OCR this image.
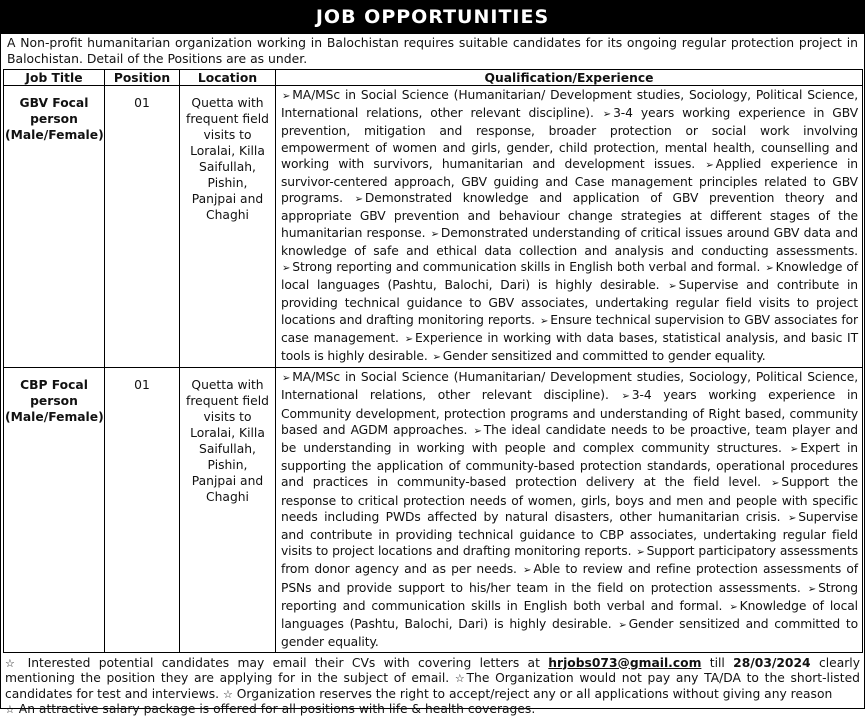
JOB OPPORTUNITIES
A Non-profit humanitarian organization working in Balochistan requires suitable candidates for its ongoing regular protection project in Balochistan. Detail of the Positions are as under.
Job Title	Position	Location	Qualification/Experience
GBV Focal person (Male/Female)	01	Quetta with frequent field visits to Loralai, Killa Saifullah, Pishin, Panjpai and Chaghi	➢ MA/MSc in Social Science (Humanitarian/ Development studies, Sociology, Political Science, International relations, other relevant discipline). ➢ 3-4 years working experience in GBV prevention, mitigation and response, broader protection or social work involving empowerment of women and girls, gender, child protection, mental health, counselling and working with survivors, humanitarian and development issues. ➢ Applied experience in survivor-centered approach, GBV guiding and Case management principles related to GBV programs. ➢ Demonstrated knowledge and application of GBV prevention theory and appropriate GBV prevention and behaviour change strategies at different stages of the humanitarian response. ➢ Demonstrated understanding of critical issues around GBV data and knowledge of safe and ethical data collection and analysis and conducting assessments. ➢ Strong reporting and communication skills in English both verbal and formal. ➢ Knowledge of local languages (Pashtu, Balochi, Dari) is highly desirable. ➢ Supervise and contribute in providing technical guidance to GBV associates, undertaking regular field visits to project locations and drafting monitoring reports. ➢ Ensure technical supervision to GBV associates for case management. ➢ Experience in working with data bases, statistical analysis, and basic IT tools is highly desirable. ➢ Gender sensitized and committed to gender equality.
CBP Focal person (Male/Female)	01	Quetta with frequent field visits to Loralai, Killa Saifullah, Pishin, Panjpai and Chaghi	➢ MA/MSc in Social Science (Humanitarian/ Development studies, Sociology, Political Science, International relations, other relevant discipline). ➢ 3-4 years working experience in Community development, protection programs and understanding of Right based, community based and AGDM approaches. ➢ The ideal candidate needs to be proactive, team player and be understanding in working with people and complex community structures. ➢ Expert in supporting the application of community-based protection standards, operational procedures and practices in community-based protection delivery at the field level. ➢ Support the response to critical protection needs of women, girls, boys and men and people with specific needs including PWDs affected by natural disasters, other humanitarian crisis. ➢ Supervise and contribute in providing technical guidance to CBP associates, undertaking regular field visits to project locations and drafting monitoring reports. ➢ Support participatory assessments from donor agency and as per needs. ➢ Able to review and refine protection assessments of PSNs and provide support to his/her team in the field on protection assessments. ➢ Strong reporting and communication skills in English both verbal and formal. ➢ Knowledge of local languages (Pashtu, Balochi, Dari) is highly desirable. ➢ Gender sensitized and committed to gender equality.
☆ Interested potential candidates may email their CVs with covering letters at hrjobs073@gmail.com till 28/03/2024 clearly mentioning the position they are applying for in the subject of email. ☆The Organization would not pay any TA/DA to the short-listed candidates for test and interviews. ☆ Organization reserves the right to accept/reject any or all applications without giving any reason
☆ An attractive salary package is offered for all positions with life & health coverages.
